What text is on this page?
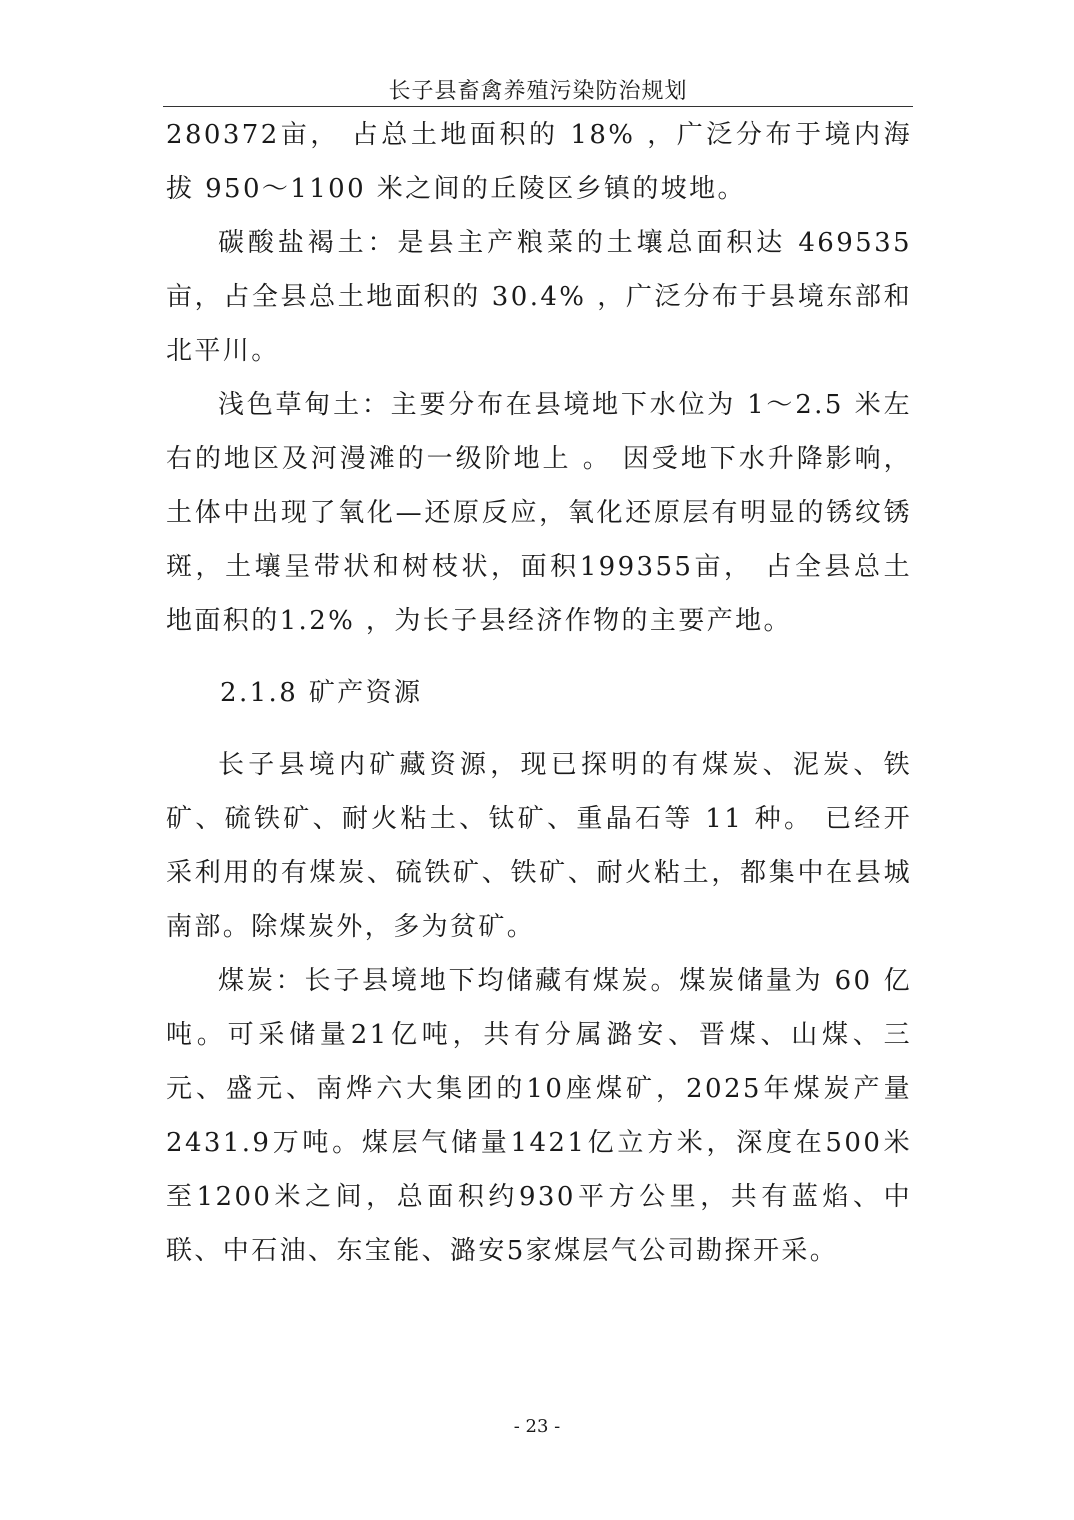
长子县畜禽养殖污染防治规划

280372亩， 占总土地面积的 18% ，广泛分布于境内海拔 950～1100 米之间的丘陵区乡镇的坡地。

碳酸盐褐土：是县主产粮菜的土壤总面积达 469535 亩，占全县总土地面积的 30.4% ，广泛分布于县境东部和北平川。

浅色草甸土：主要分布在县境地下水位为 1～2.5 米左右的地区及河漫滩的一级阶地上 。 因受地下水升降影响，土体中出现了氧化—还原反应，氧化还原层有明显的锈纹锈斑，土壤呈带状和树枝状，面积199355亩， 占全县总土地面积的1.2% ，为长子县经济作物的主要产地。

2.1.8 矿产资源

长子县境内矿藏资源，现已探明的有煤炭、泥炭、铁矿、硫铁矿、耐火粘土、钛矿、重晶石等 11 种。 已经开采利用的有煤炭、硫铁矿、铁矿、耐火粘土，都集中在县城南部。除煤炭外，多为贫矿。

煤炭：长子县境地下均储藏有煤炭。煤炭储量为 60 亿吨。可采储量21亿吨，共有分属潞安、晋煤、山煤、三元、盛元、南烨六大集团的10座煤矿，2025年煤炭产量2431.9万吨。煤层气储量1421亿立方米，深度在500米至1200米之间，总面积约930平方公里，共有蓝焰、中联、中石油、东宝能、潞安5家煤层气公司勘探开采。

- 23 -
